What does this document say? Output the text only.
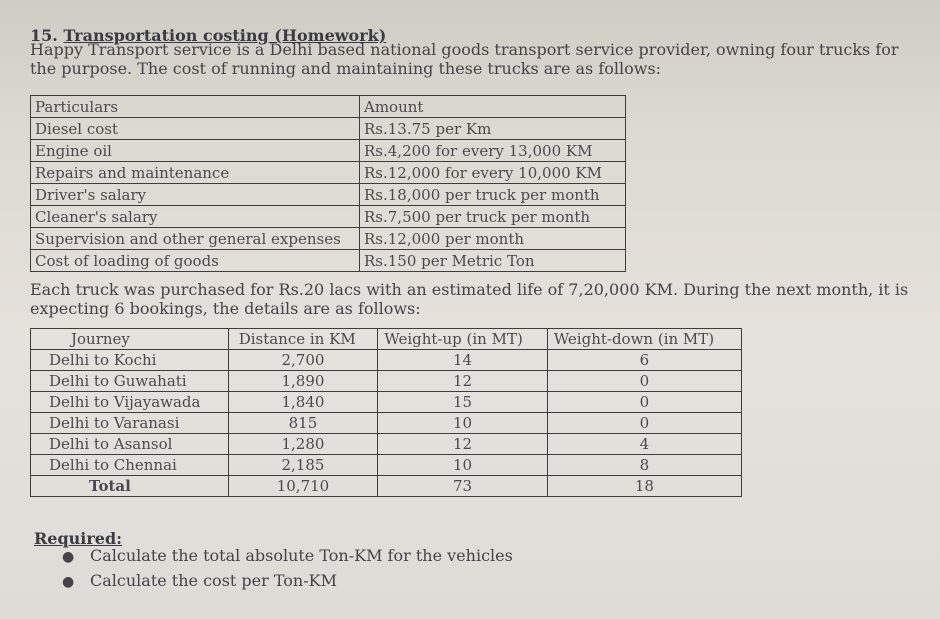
15. Transportation costing (Homework)
Happy Transport service is a Delhi based national goods transport service provider, owning four trucks for the purpose. The cost of running and maintaining these trucks are as follows:
Particulars	Amount
Diesel cost	Rs.13.75 per Km
Engine oil	Rs.4,200 for every 13,000 KM
Repairs and maintenance	Rs.12,000 for every 10,000 KM
Driver's salary	Rs.18,000 per truck per month
Cleaner's salary	Rs.7,500 per truck per month
Supervision and other general expenses	Rs.12,000 per month
Cost of loading of goods	Rs.150 per Metric Ton
Each truck was purchased for Rs.20 lacs with an estimated life of 7,20,000 KM. During the next month, it is expecting 6 bookings, the details are as follows:
Journey	Distance in KM	Weight-up (in MT)	Weight-down (in MT)
Delhi to Kochi	2,700	14	6
Delhi to Guwahati	1,890	12	0
Delhi to Vijayawada	1,840	15	0
Delhi to Varanasi	815	10	0
Delhi to Asansol	1,280	12	4
Delhi to Chennai	2,185	10	8
Total	10,710	73	18
Required:
● Calculate the total absolute Ton-KM for the vehicles
● Calculate the cost per Ton-KM
